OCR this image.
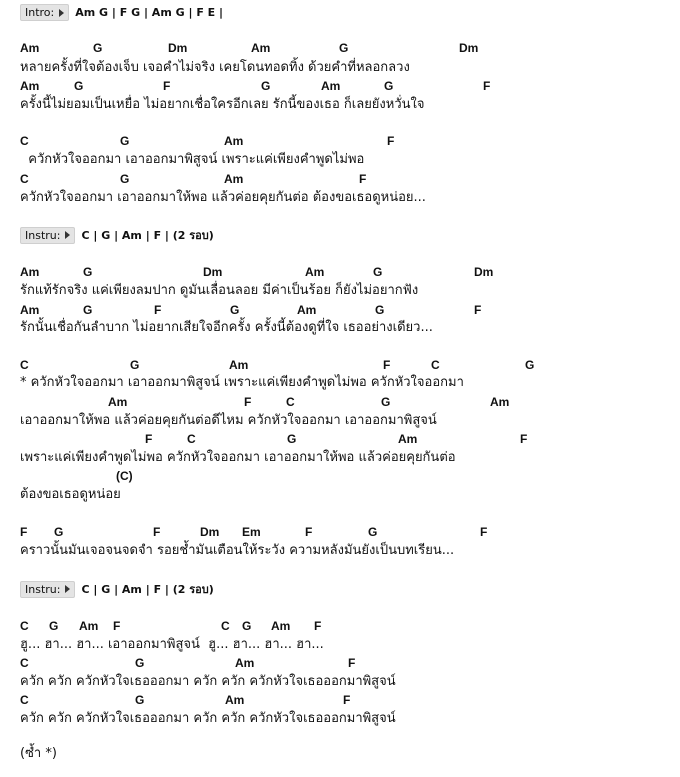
Intro: Am G | F G | Am G | F E |

Am

	G

	Dm

	Am

	G

	Dm

หลายครั้งที่ใจต้องเจ็บ เจอคำไม่จริง เคยโดนทอดทิ้ง ด้วยคำที่หลอกลวง

Am

	G

	F

	G

	Am

	G

	F

ครั้งนี้ไม่ยอมเป็นเหยื่อ ไม่อยากเชื่อใครอีกเลย รักนี้ของเธอ ก็เลยยังหวั่นใจ

C

	G

	Am

	F

ควักหัวใจออกมา เอาออกมาพิสูจน์ เพราะแค่เพียงคำพูดไม่พอ

C

	G

	Am

	F

ควักหัวใจออกมา เอาออกมาให้พอ แล้วค่อยคุยกันต่อ ต้องขอเธอดูหน่อย...
Instru: C | G | Am | F | (2 รอบ)

Am

	G

	Dm

	Am

	G

	Dm

รักแท้รักจริง แค่เพียงลมปาก ดูมันเลื่อนลอย มีค่าเป็นร้อย ก็ยังไม่อยากฟัง

Am

	G

	F

	G

	Am

	G

	F

รักนั้นเชื่อกันลำบาก ไม่อยากเสียใจอีกครั้ง ครั้งนี้ต้องดูที่ใจ เธออย่างเดียว...

C

	G

	Am

	F

	C

	G

* ควักหัวใจออกมา เอาออกมาพิสูจน์ เพราะแค่เพียงคำพูดไม่พอ ควักหัวใจออกมา

Am

	F

	C

	G

	Am

เอาออกมาให้พอ แล้วค่อยคุยกันต่อดีไหม ควักหัวใจออกมา เอาออกมาพิสูจน์

F

	C

	G

	Am

	F

เพราะแค่เพียงคำพูดไม่พอ ควักหัวใจออกมา เอาออกมาให้พอ แล้วค่อยคุยกันต่อ

(C)

ต้องขอเธอดูหน่อย

F

G

	F

	Dm

Em

	F

	G

	F

คราวนั้นมันเจอจนจดจำ รอยช้ำมันเตือนให้ระวัง ความหลังมันยังเป็นบทเรียน...
Instru: C | G | Am | F | (2 รอบ)

C

G

Am

F

	C

G

Am

F

ฮู... ฮา... ฮา... เอาออกมาพิสูจน์  ฮู... ฮา... ฮา... ฮา...

C

	G

	Am

	F

ควัก ควัก ควักหัวใจเธอออกมา ควัก ควัก ควักหัวใจเธอออกมาพิสูจน์

C

	G

	Am

	F

ควัก ควัก ควักหัวใจเธอออกมา ควัก ควัก ควักหัวใจเธอออกมาพิสูจน์
(ซ้ำ *)
